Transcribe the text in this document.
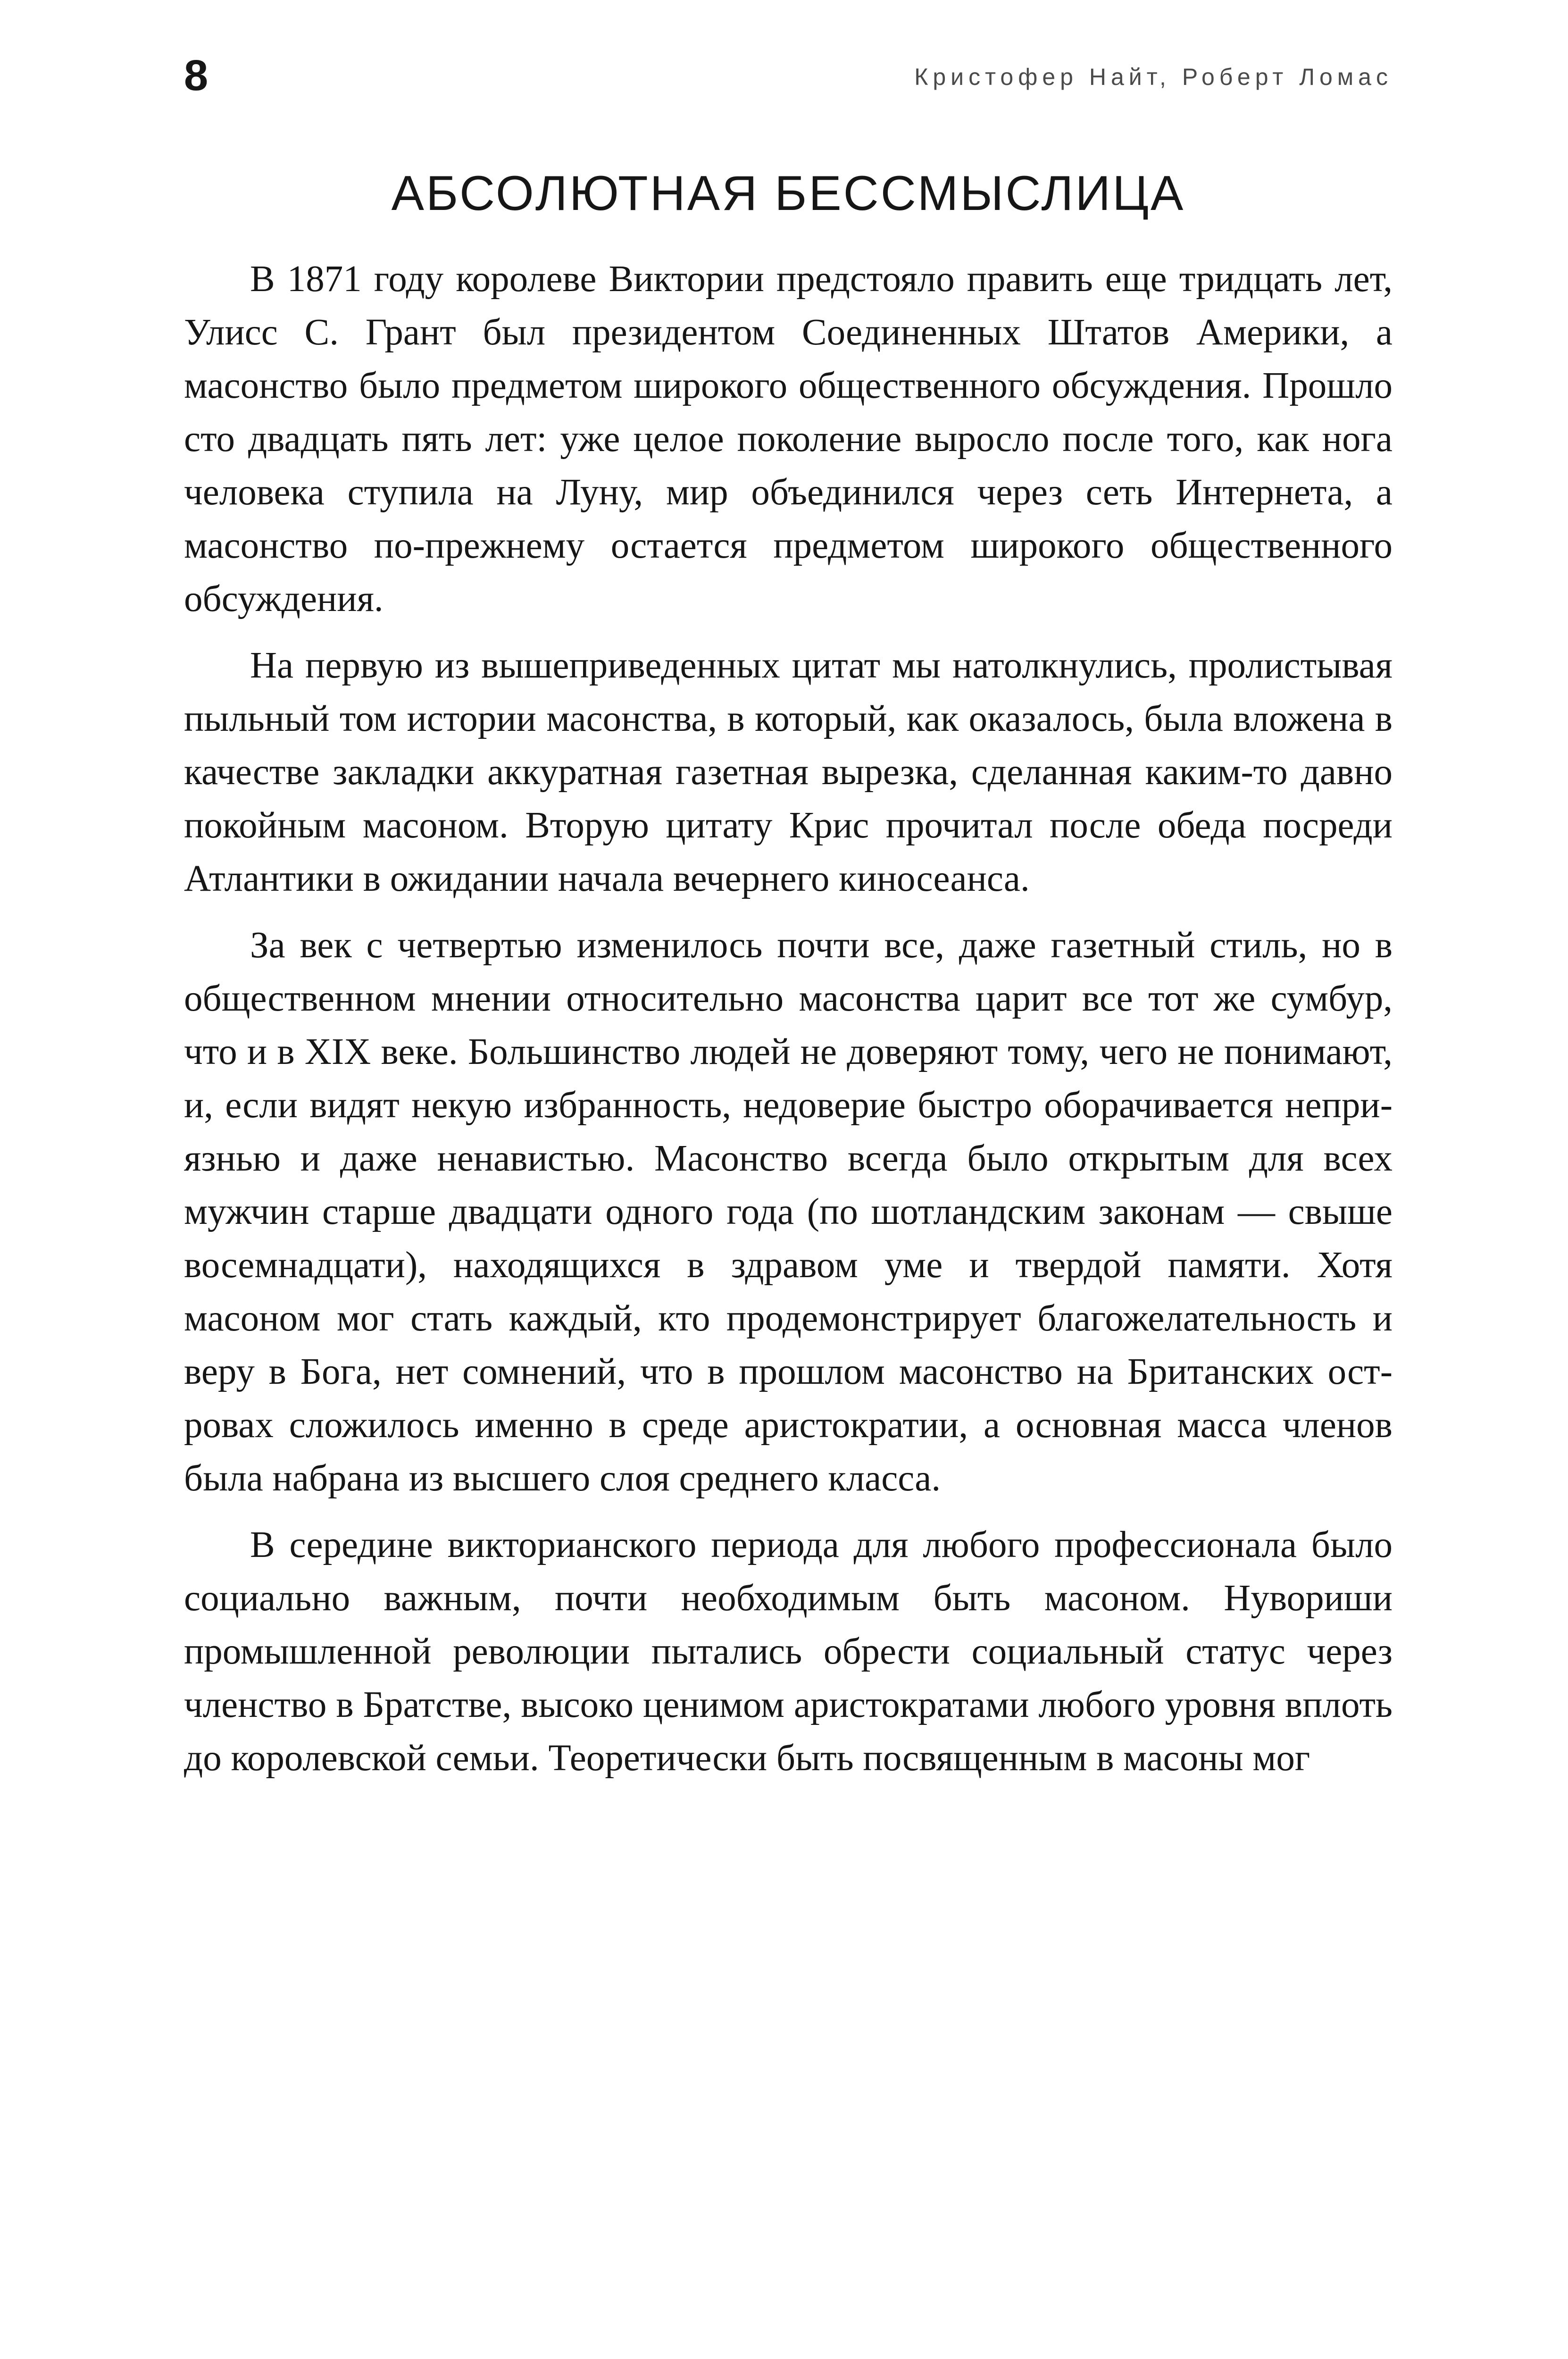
8	Кристофер Найт, Роберт Ломас
АБСОЛЮТНАЯ БЕССМЫСЛИЦА

В 1871 году королеве Виктории предстояло править еще тридцать лет, Улисс С. Грант был президентом Соединенных Штатов Америки, а масонство было предметом широкого общественного обсуждения. Прошло сто двадцать пять лет: уже целое поколение выросло после того, как нога человека ступила на Луну, мир объединился через сеть Интернета, а масонство по-прежнему остается предметом широкого общественного обсуждения.

На первую из вышеприведенных цитат мы натолкнулись, пролистывая пыльный том истории масонства, в который, как оказалось, была вложена в качестве закладки аккуратная газетная вырезка, сделанная каким-то давно покойным масоном. Вторую цитату Крис прочитал после обеда посреди Атлантики в ожидании начала вечернего киносеанса.

За век с четвертью изменилось почти все, даже газетный стиль, но в общественном мнении относительно масонства царит все тот же сумбур, что и в XIX веке. Большинство людей не доверяют тому, чего не понимают, и, если видят некую избранность, недоверие быстро оборачивается неприязнью и даже ненавистью. Масонство всегда было открытым для всех мужчин старше двадцати одного года (по шотландским законам — свыше восемнадцати), находящихся в здравом уме и твердой памяти. Хотя масоном мог стать каждый, кто продемонстрирует благожелательность и веру в Бога, нет сомнений, что в прошлом масонство на Британских островах сложилось именно в среде аристократии, а основная масса членов была набрана из высшего слоя среднего класса.

В середине викторианского периода для любого профессионала было социально важным, почти необходимым быть масоном. Нувориши промышленной революции пытались обрести социальный статус через членство в Братстве, высоко ценимом аристократами любого уровня вплоть до королевской семьи. Теоретически быть посвященным в масоны мог
